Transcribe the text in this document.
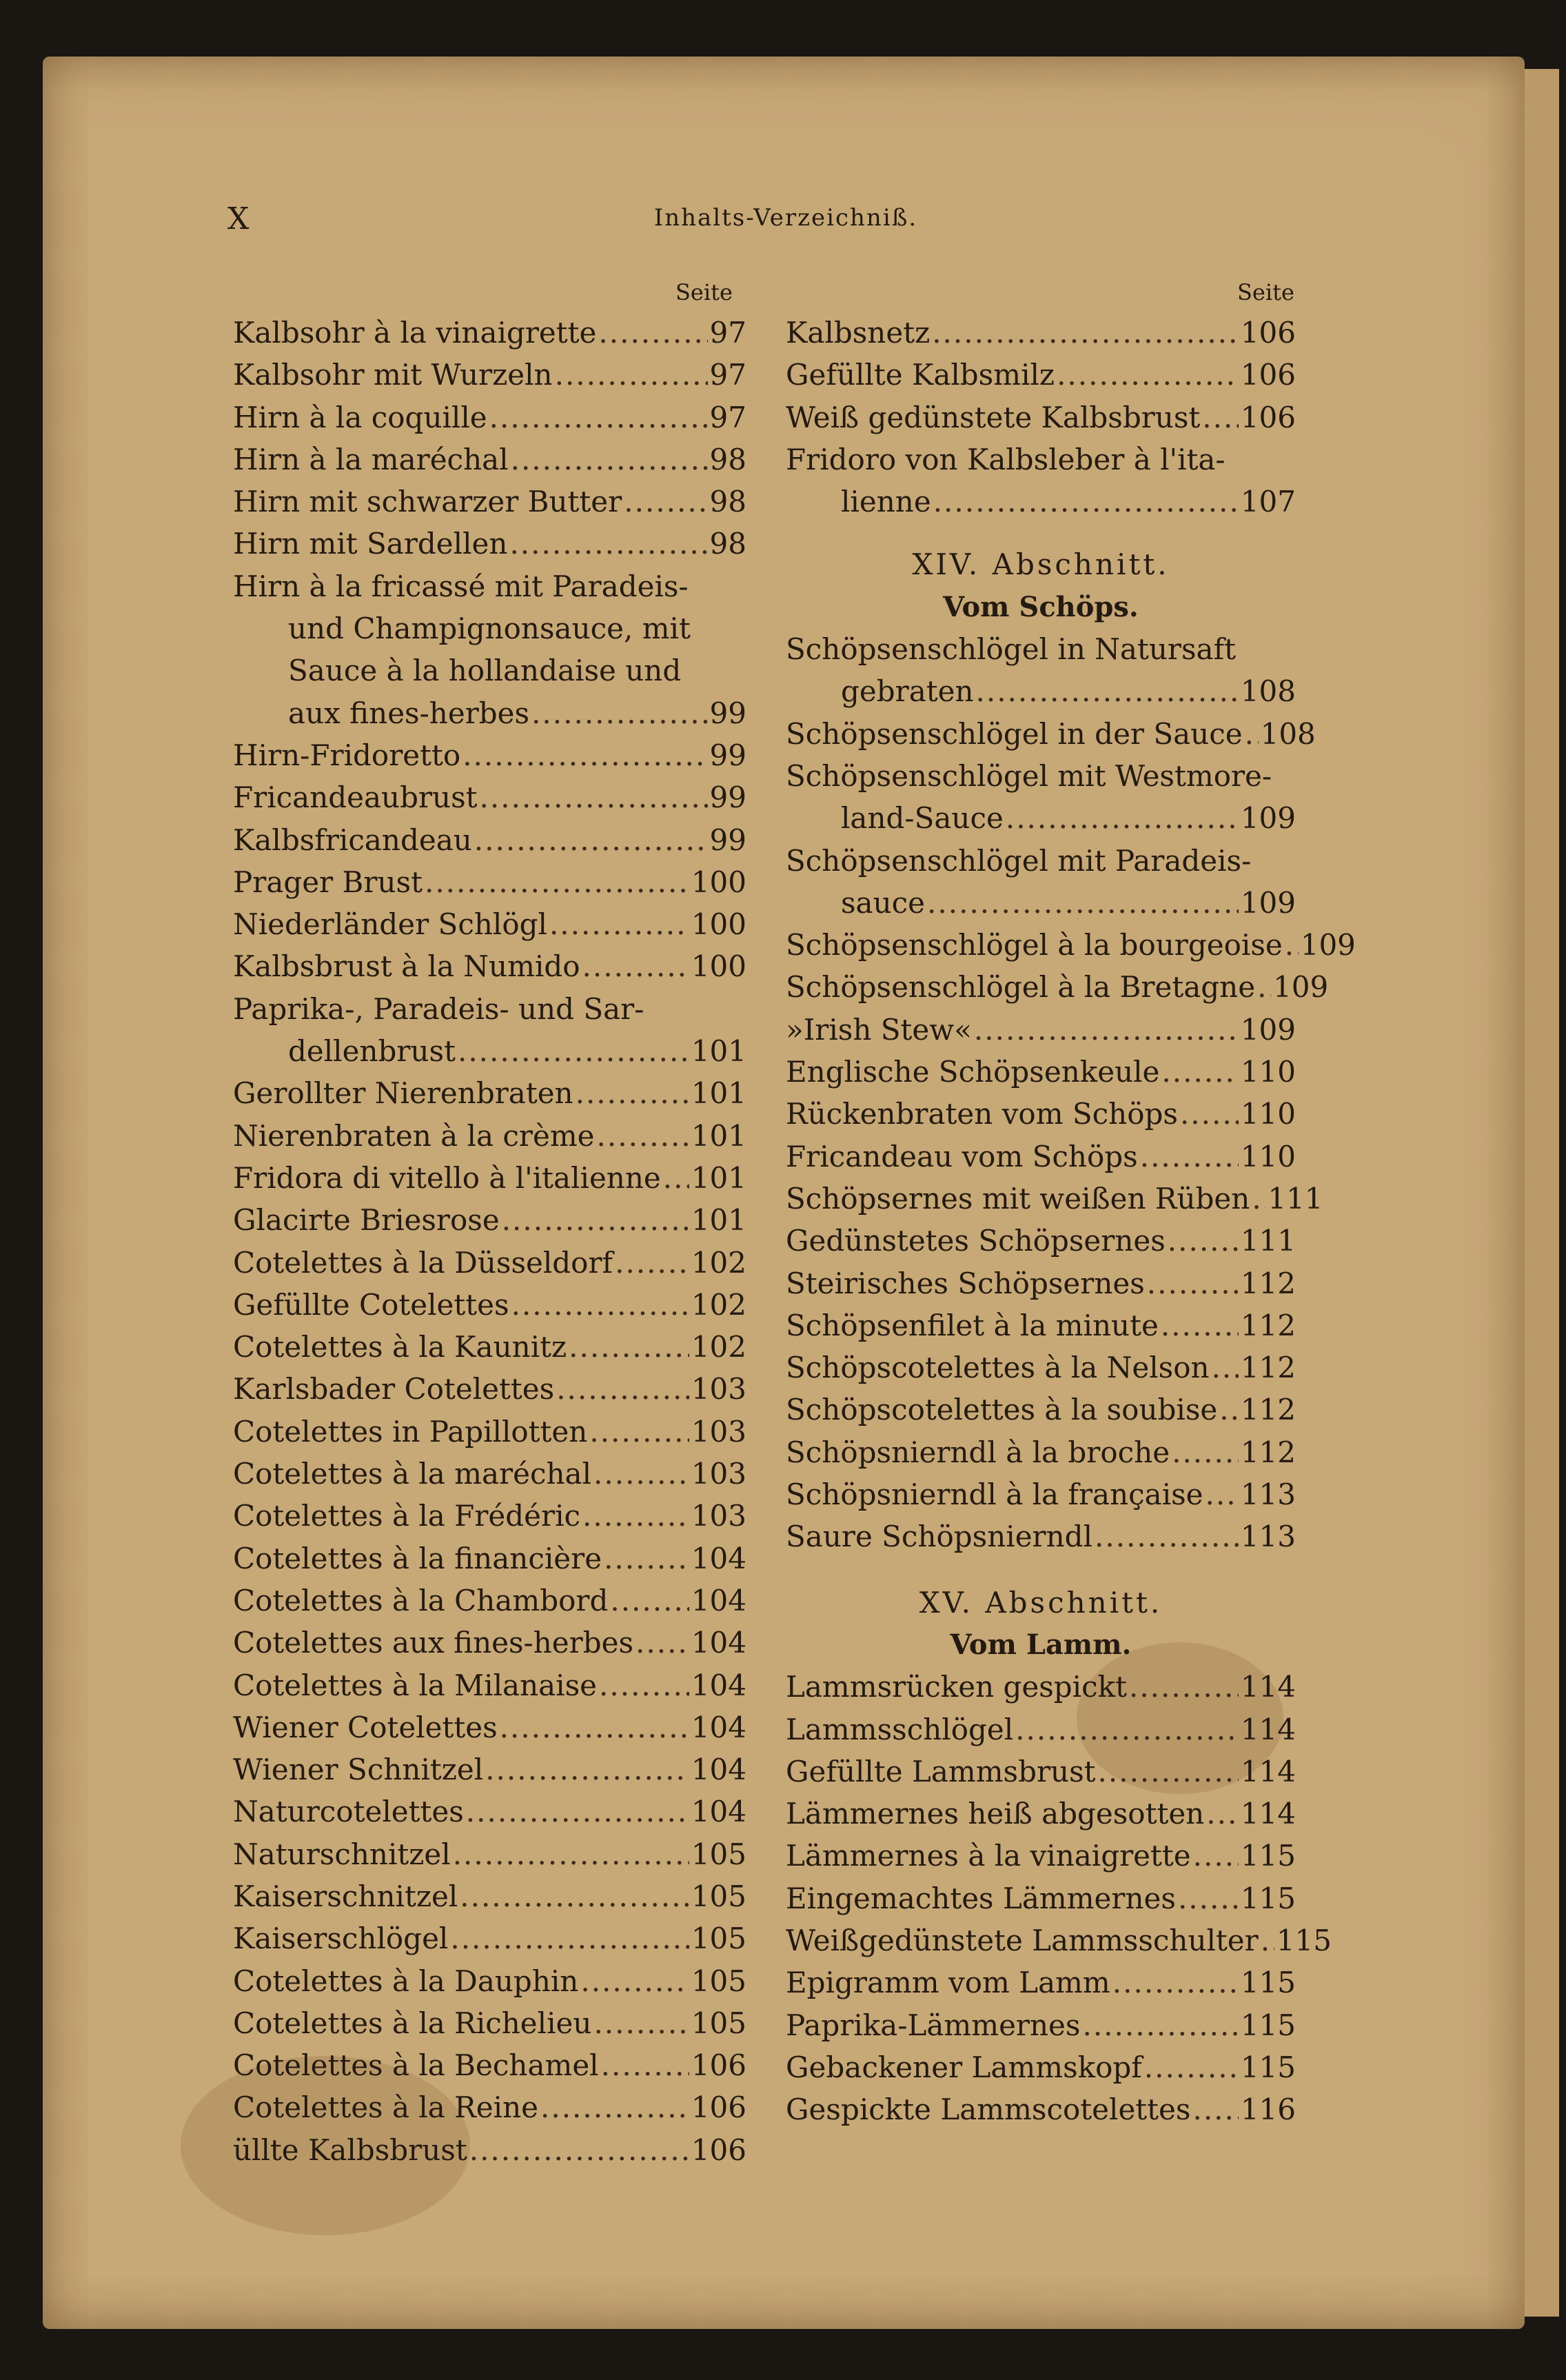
X	Inhalts-Verzeichniß.
Seite	Seite
Kalbsohr à la vinaigrette .....	97
Kalbsohr mit Wurzeln .....	97
Hirn à la coquille .....	97
Hirn à la maréchal .....	98
Hirn mit schwarzer Butter .....	98
Hirn mit Sardellen .....	98
Hirn à la fricassé mit Paradeis-
und Champignonsauce, mit
Sauce à la hollandaise und
aux fines-herbes .....	99
Hirn-Fridoretto .....	99
Fricandeaubrust .....	99
Kalbsfricandeau .....	99
Prager Brust .....	100
Niederländer Schlögl .....	100
Kalbsbrust à la Numido .....	100
Paprika-, Paradeis- und Sar-
dellenbrust .....	101
Gerollter Nierenbraten .....	101
Nierenbraten à la crème .....	101
Fridora di vitello à l'italienne ..... 101
Glacirte Briesrose .....	101
Cotelettes à la Düsseldorf .....	102
Gefüllte Cotelettes .....	102
Cotelettes à la Kaunitz .....	102
Karlsbader Cotelettes .....	103
Cotelettes in Papillotten .....	103
Cotelettes à la maréchal .....	103
Cotelettes à la Frédéric .....	103
Cotelettes à la financière .....	104
Cotelettes à la Chambord .....	104
Cotelettes aux fines-herbes ..... 104
Cotelettes à la Milanaise .....	104
Wiener Cotelettes .....	104
Wiener Schnitzel .....	104
Naturcotelettes .....	104
Naturschnitzel .....	105
Kaiserschnitzel .....	105
Kaiserschlögel .....	105
Cotelettes à la Dauphin .....	105
Cotelettes à la Richelieu .....	105
Cotelettes à la Bechamel .....	106
Cotelettes à la Reine .....	106
üllte Kalbsbrust .....	106
Kalbsnetz .....	106
Gefüllte Kalbsmilz .....	106
Weiß gedünstete Kalbsbrust ..... 106
Fridoro von Kalbsleber à l'ita-
lienne .....	107
XIV. Abschnitt.
Vom Schöps.
Schöpsenschlögel in Natursaft
gebraten .....	108
Schöpsenschlögel in der Sauce ..... 108
Schöpsenschlögel mit Westmore-
land-Sauce .....	109
Schöpsenschlögel mit Paradeis-
sauce .....	109
Schöpsenschlögel à la bourgeoise ..... 109
Schöpsenschlögel à la Bretagne ..... 109
»Irish Stew« .....	109
Englische Schöpsenkeule .....	110
Rückenbraten vom Schöps ..... 110
Fricandeau vom Schöps .....	110
Schöpsernes mit weißen Rüben ..... 111
Gedünstetes Schöpsernes .....	111
Steirisches Schöpsernes .....	112
Schöpsenfilet à la minute .....	112
Schöpscotelettes à la Nelson ..... 112
Schöpscotelettes à la soubise ..... 112
Schöpsnierndl à la broche ..... 112
Schöpsnierndl à la française ..... 113
Saure Schöpsnierndl .....	113
XV. Abschnitt.
Vom Lamm.
Lammsrücken gespickt .....	114
Lammsschlögel .....	114
Gefüllte Lammsbrust .....	114
Lämmernes heiß abgesotten ..... 114
Lämmernes à la vinaigrette ..... 115
Eingemachtes Lämmernes ..... 115
Weißgedünstete Lammsschulter ..... 115
Epigramm vom Lamm .....	115
Paprika-Lämmernes .....	115
Gebackener Lammskopf .....	115
Gespickte Lammscotelettes ..... 116
